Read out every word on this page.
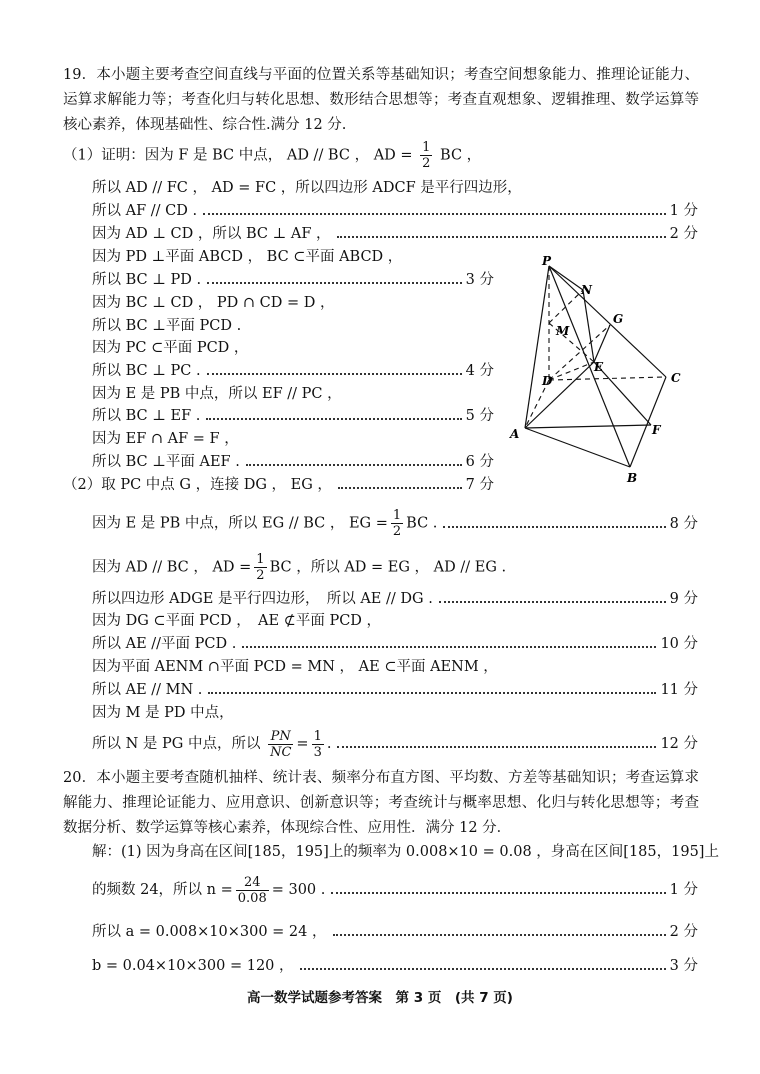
19．本小题主要考查空间直线与平面的位置关系等基础知识；考查空间想象能力、推理论证能力、运算求解能力等；考查化归与转化思想、数形结合思想等；考查直观想象、逻辑推理、数学运算等核心素养，体现基础性、综合性.满分 12 分.
（1）证明：因为 F 是 BC 中点， AD // BC ， AD = $\frac{1}{2}$ BC ，
所以 AD // FC ， AD = FC ，所以四边形 ADCF 是平行四边形，
所以 AF // CD .	1 分
因为 AD ⊥ CD ，所以 BC ⊥ AF ，	2 分
因为 PD ⊥平面 ABCD ， BC ⊂平面 ABCD ，
所以 BC ⊥ PD .	3 分
因为 BC ⊥ CD ， PD ∩ CD = D ，
所以 BC ⊥平面 PCD .
因为 PC ⊂平面 PCD ，
所以 BC ⊥ PC .	4 分
因为 E 是 PB 中点，所以 EF // PC ，
所以 BC ⊥ EF .	5 分
因为 EF ∩ AF = F ，
所以 BC ⊥平面 AEF .	6 分
（2）取 PC 中点 G ，连接 DG ， EG ，	7 分
P
N
G
M
E
D	C
A	F
B
因为 E 是 PB 中点，所以 EG // BC ， EG = $\frac{1}{2}$ BC .	8 分
因为 AD // BC ， AD = $\frac{1}{2}$ BC ，所以 AD = EG ， AD // EG .
所以四边形 ADGE 是平行四边形，　所以 AE // DG .	9 分
因为 DG ⊂平面 PCD ，　AE ⊄平面 PCD ，
所以 AE //平面 PCD .	10 分
因为平面 AENM ∩平面 PCD = MN ， AE ⊂平面 AENM ，
所以 AE // MN .	11 分
因为 M 是 PD 中点，
所以 N 是 PG 中点，所以 $\frac{PN}{NC} = \frac{1}{3}$ .	12 分
20．本小题主要考查随机抽样、统计表、频率分布直方图、平均数、方差等基础知识；考查运算求解能力、推理论证能力、应用意识、创新意识等；考查统计与概率思想、化归与转化思想等；考查数据分析、数学运算等核心素养，体现综合性、应用性．满分 12 分．
解：(1) 因为身高在区间[185，195]上的频率为 0.008×10 = 0.08 ，身高在区间[185，195]上
的频数 24，所以 $n = \frac{24}{0.08} = 300$ .	1 分
所以 a = 0.008×10×300 = 24 ，	2 分
b = 0.04×10×300 = 120 ，	3 分
高一数学试题参考答案　第 3 页　(共 7 页)
